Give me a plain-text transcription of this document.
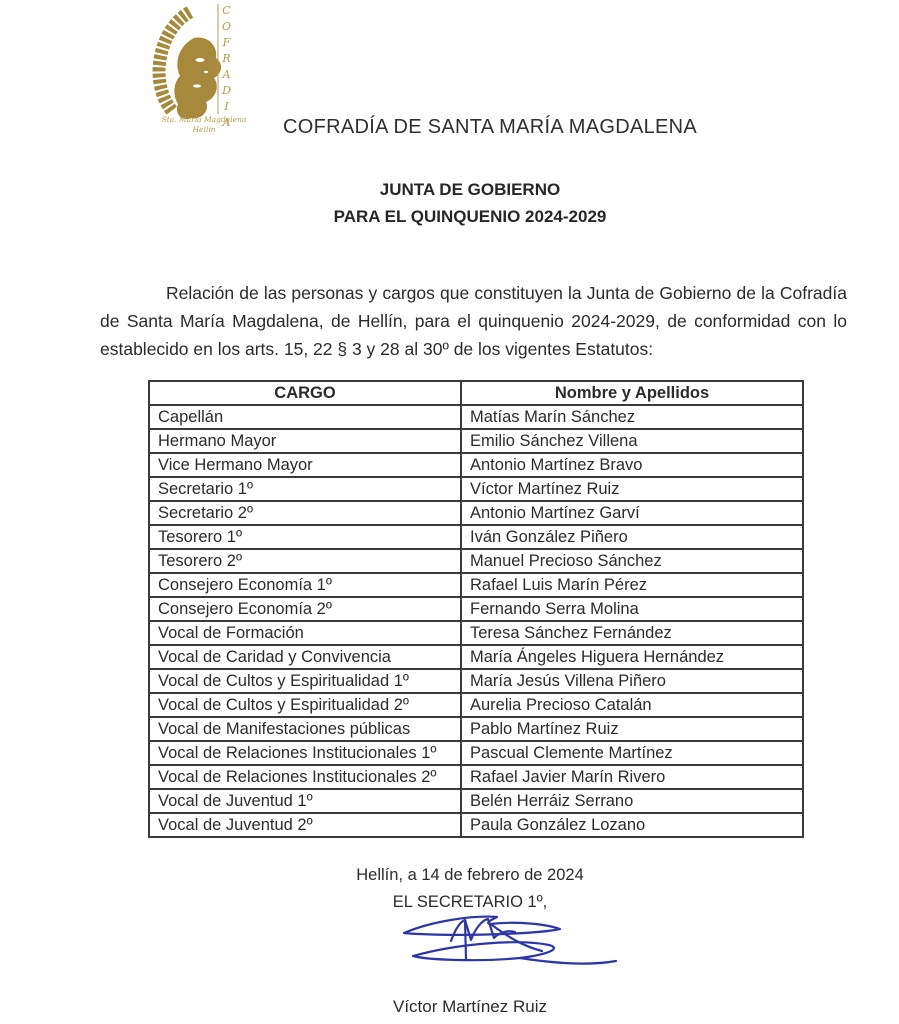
COFRADIA
Sta. María Magdalena
Hellín	COFRADÍA DE SANTA MARÍA MAGDALENA
JUNTA DE GOBIERNO
PARA EL QUINQUENIO 2024-2029

Relación de las personas y cargos que constituyen la Junta de Gobierno de la Cofradía de Santa María Magdalena, de Hellín, para el quinquenio 2024-2029, de conformidad con lo establecido en los arts. 15, 22 § 3 y 28 al 30º de los vigentes Estatutos:

CARGO	Nombre y Apellidos
Capellán	Matías Marín Sánchez
Hermano Mayor	Emilio Sánchez Villena
Vice Hermano Mayor	Antonio Martínez Bravo
Secretario 1º	Víctor Martínez Ruiz
Secretario 2º	Antonio Martínez Garví
Tesorero 1º	Iván González Piñero
Tesorero 2º	Manuel Precioso Sánchez
Consejero Economía 1º	Rafael Luis Marín Pérez
Consejero Economía 2º	Fernando Serra Molina
Vocal de Formación	Teresa Sánchez Fernández
Vocal de Caridad y Convivencia	María Ángeles Higuera Hernández
Vocal de Cultos y Espiritualidad 1º	María Jesús Villena Piñero
Vocal de Cultos y Espiritualidad 2º	Aurelia Precioso Catalán
Vocal de Manifestaciones públicas	Pablo Martínez Ruiz
Vocal de Relaciones Institucionales 1º	Pascual Clemente Martínez
Vocal de Relaciones Institucionales 2º	Rafael Javier Marín Rivero
Vocal de Juventud 1º	Belén Herráiz Serrano
Vocal de Juventud 2º	Paula González Lozano
Hellín, a 14 de febrero de 2024
EL SECRETARIO 1º,
Víctor Martínez Ruiz
